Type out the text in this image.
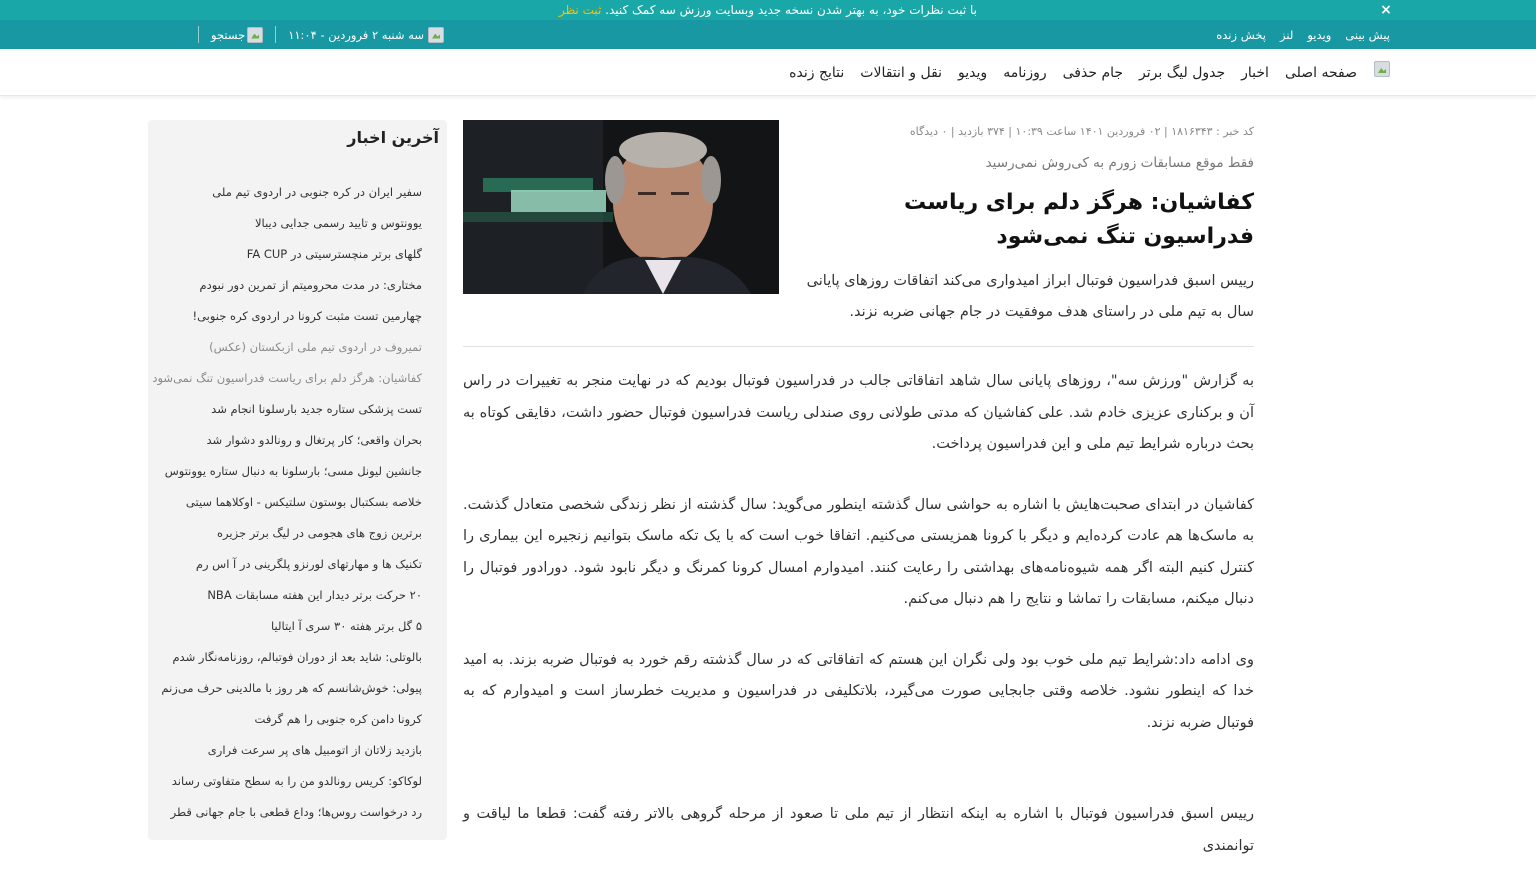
با ثبت نظرات خود، به بهتر شدن نسخه جدید وبسایت ورزش سه کمک کنید. ثبت نظر	×
پیش بینی
ویدیو
لنز
پخش زنده
سه شنبه ۲ فروردین - ۱۱:۰۴
جستجو
صفحه اصلی
اخبار
جدول لیگ برتر
جام حذفی
روزنامه
ویدیو
نقل و انتقالات
نتایج زنده
کد خبر : ۱۸۱۶۳۴۳ | ۰۲ فروردین ۱۴۰۱ ساعت ۱۰:۳۹ | ۳۷۴ بازدید | ۰ دیدگاه
فقط موقع مسابقات زورم به کی‌روش نمی‌رسید
کفاشیان: هرگز دلم برای ریاست فدراسیون تنگ نمی‌شود

رییس اسبق فدراسیون فوتبال ابراز امیدواری می‌کند اتفاقات روزهای پایانی سال به تیم ملی در راستای هدف موفقیت در جام جهانی ضربه نزند.

به گزارش "ورزش سه"، روزهای پایانی سال شاهد اتفاقاتی جالب در فدراسیون فوتبال بودیم که در نهایت منجر به تغییرات در راس آن و برکناری عزیزی خادم شد. علی کفاشیان که مدتی طولانی روی صندلی ریاست فدراسیون فوتبال حضور داشت، دقایقی کوتاه به بحث درباره شرایط تیم ملی و این فدراسیون پرداخت.

کفاشیان در ابتدای صحبت‌هایش با اشاره به حواشی سال گذشته اینطور می‌گوید: سال گذشته از نظر زندگی شخصی متعادل گذشت. به ماسک‌ها هم عادت کرده‌ایم و دیگر با کرونا همزیستی می‌کنیم. اتفاقا خوب است که با یک تکه ماسک بتوانیم زنجیره این بیماری را کنترل کنیم البته اگر همه شیوه‌نامه‌های بهداشتی را رعایت کنند. امیدوارم امسال کرونا کمرنگ و دیگر نابود شود. دورادور فوتبال را دنبال میکنم، مسابقات را تماشا و نتایج را هم دنبال می‌کنم.

وی ادامه داد:شرایط تیم ملی خوب بود ولی نگران این هستم که اتفاقاتی که در سال گذشته رقم خورد به فوتبال ضربه بزند. به امید خدا که اینطور نشود. خلاصه وقتی جابجایی صورت می‌گیرد، بلاتکلیفی در فدراسیون و مدیریت خطرساز است و امیدوارم که به فوتبال ضربه نزند.

رییس اسبق فدراسیون فوتبال با اشاره به اینکه انتظار از تیم ملی تا صعود از مرحله گروهی بالاتر رفته گفت: قطعا ما لیاقت و توانمندی

آخرین اخبار
سفیر ایران در کره جنوبی در اردوی تیم ملی
یوونتوس و تایید رسمی جدایی دیبالا
گلهای برتر منچسترسیتی در FA CUP
مختاری: در مدت محرومیتم از تمرین دور نبودم
چهارمین تست مثبت کرونا در اردوی کره جنوبی!
تمیروف در اردوی تیم ملی ازبکستان (عکس)
کفاشیان: هرگز دلم برای ریاست فدراسیون تنگ نمی‌شود
تست پزشکی ستاره جدید بارسلونا انجام شد
بحران واقعی؛ کار پرتغال و رونالدو دشوار شد
جانشین لیونل مسی؛ بارسلونا به دنبال ستاره یوونتوس
خلاصه بسکتبال بوستون سلتیکس - اوکلاهما سیتی
برترین زوج های هجومی در لیگ برتر جزیره
تکنیک ها و مهارتهای لورنزو پلگرینی در آ اس رم
۲۰ حرکت برتر دیدار این هفته مسابقات NBA
۵ گل برتر هفته ۳۰ سری آ ایتالیا
بالوتلی: شاید بعد از دوران فوتبالم، روزنامه‌نگار شدم
پیولی: خوش‌شانسم که هر روز با مالدینی حرف می‌زنم
کرونا دامن کره جنوبی را هم گرفت
بازدید زلاتان از اتومبیل های پر سرعت فراری
لوکاکو: کریس رونالدو من را به سطح متفاوتی رساند
رد درخواست روس‌ها؛ وداع قطعی با جام جهانی قطر
